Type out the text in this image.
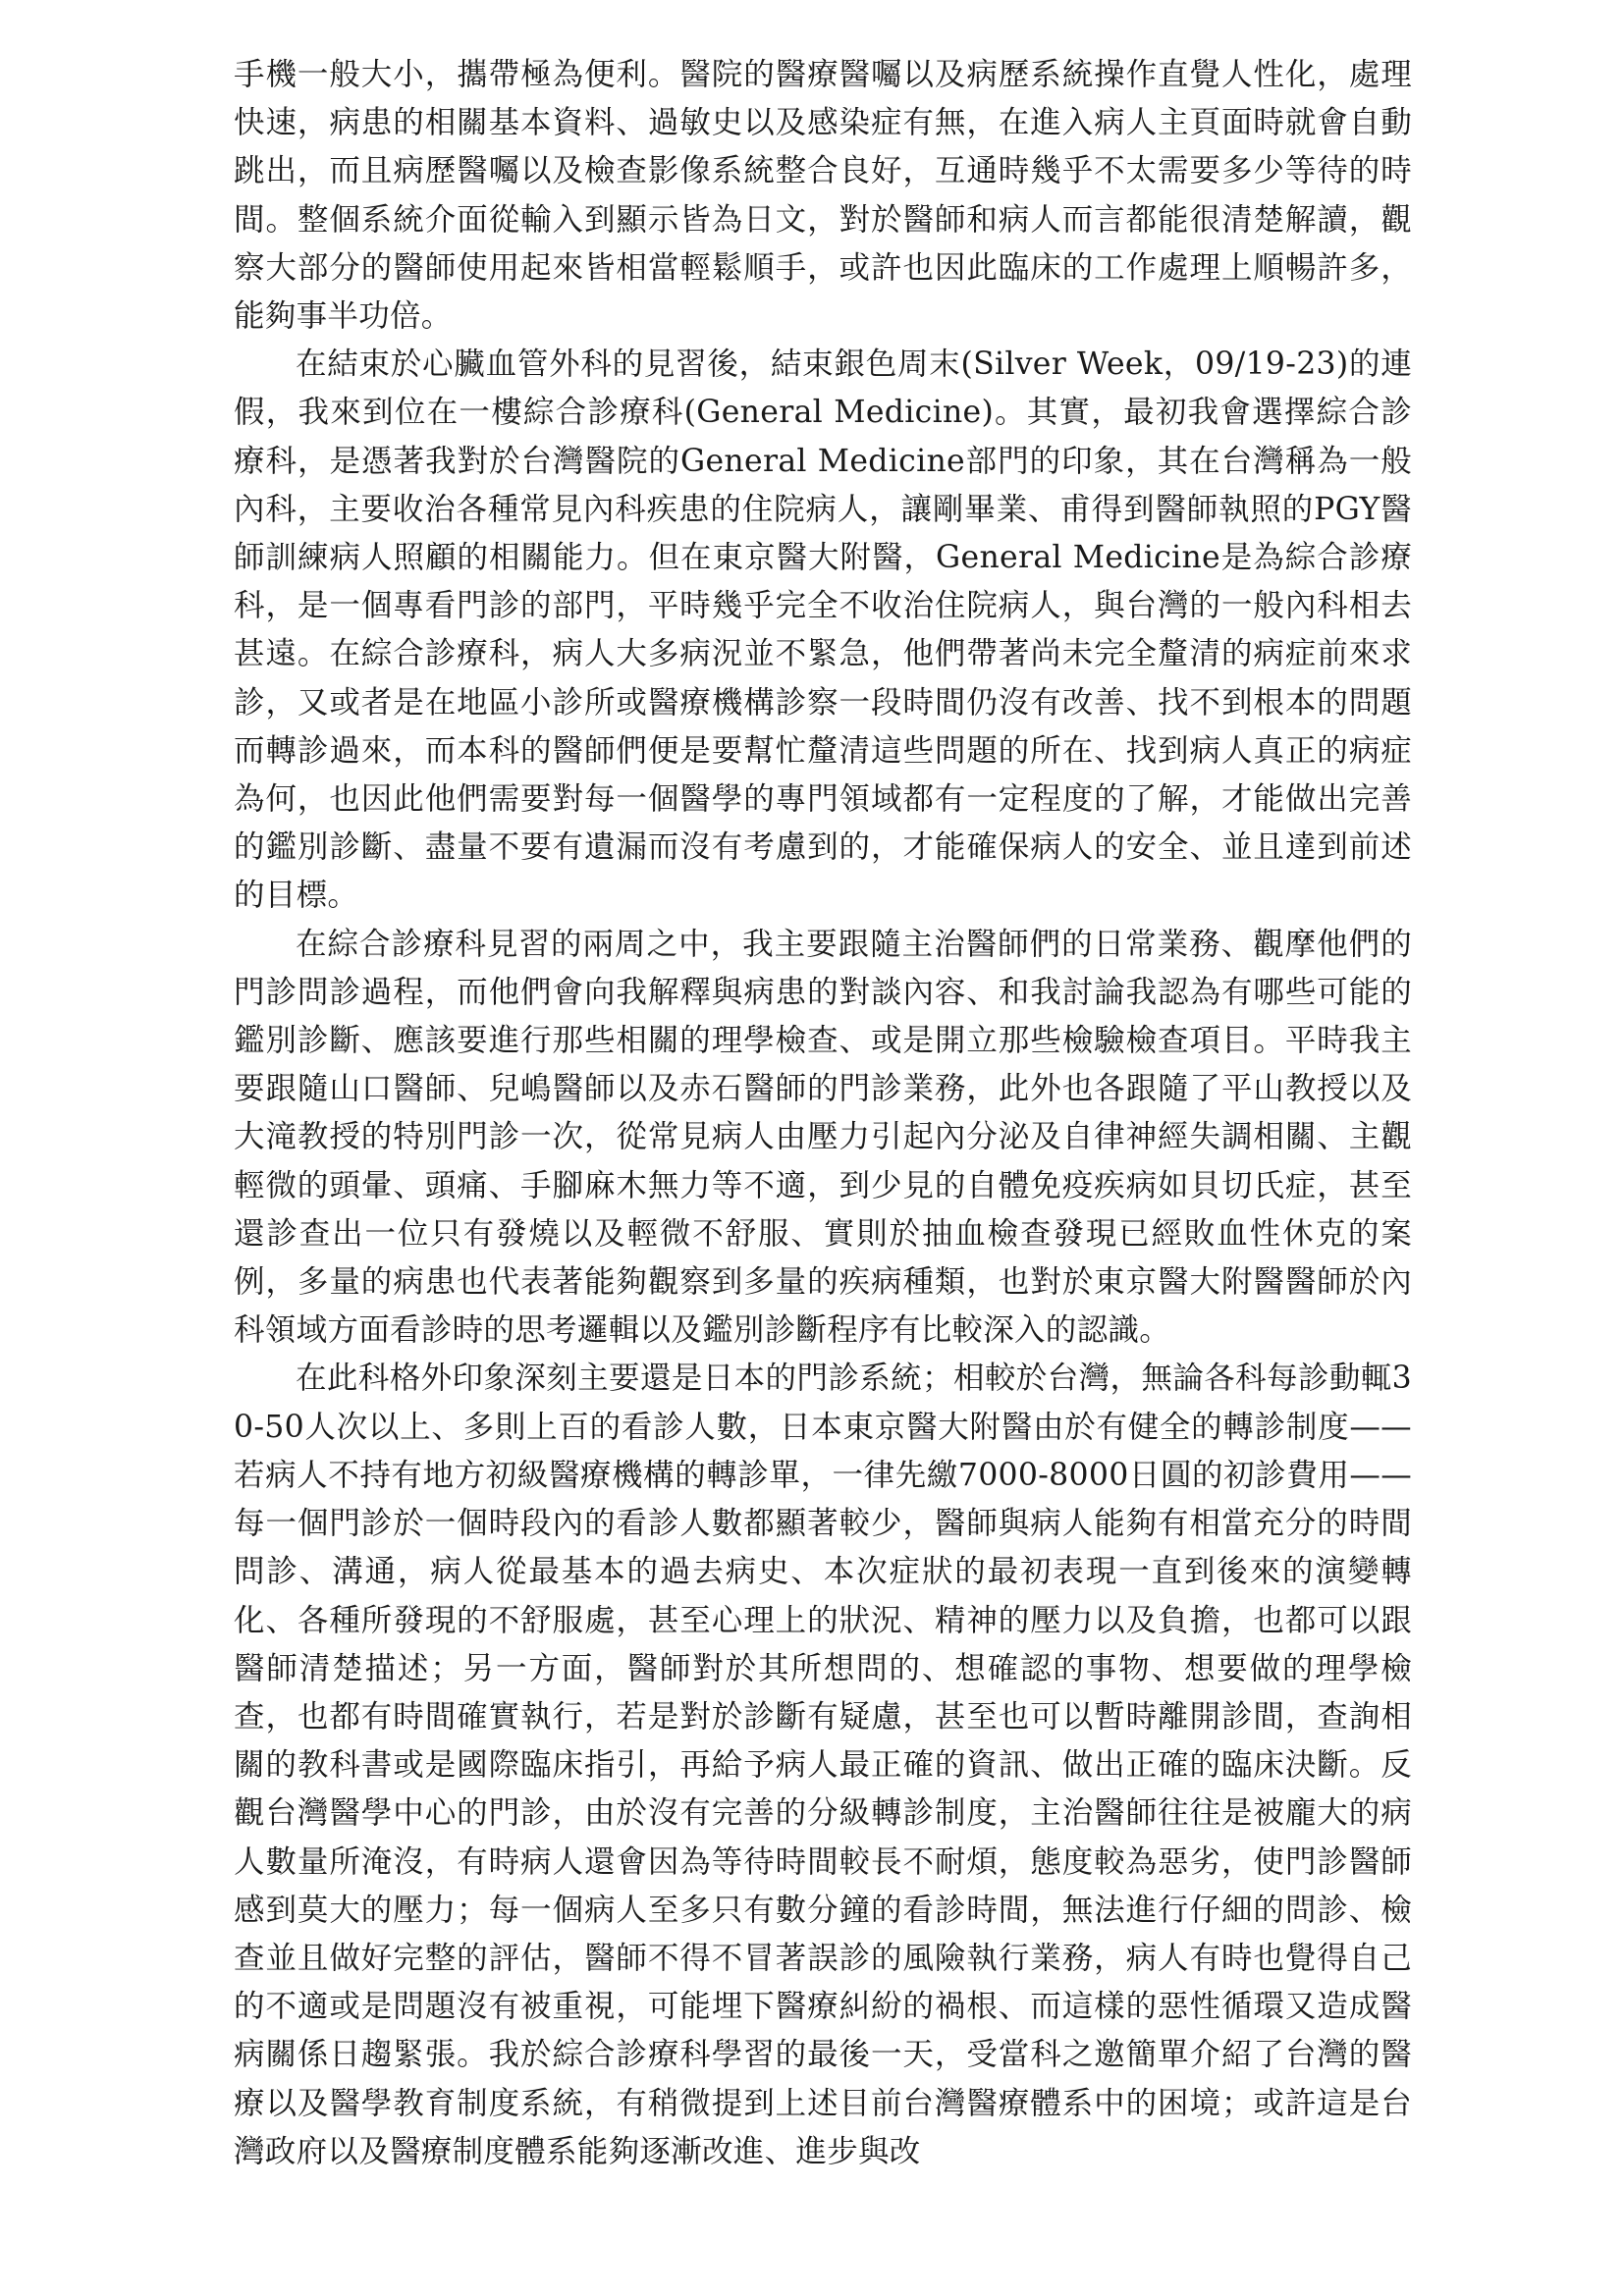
手機一般大小，攜帶極為便利。醫院的醫療醫囑以及病歷系統操作直覺人性化，處理快速，病患的相關基本資料、過敏史以及感染症有無，在進入病人主頁面時就會自動跳出，而且病歷醫囑以及檢查影像系統整合良好，互通時幾乎不太需要多少等待的時間。整個系統介面從輸入到顯示皆為日文，對於醫師和病人而言都能很清楚解讀，觀察大部分的醫師使用起來皆相當輕鬆順手，或許也因此臨床的工作處理上順暢許多，能夠事半功倍。

在結束於心臟血管外科的見習後，結束銀色周末(Silver Week，09/19-23)的連假，我來到位在一樓綜合診療科(General Medicine)。其實，最初我會選擇綜合診療科，是憑著我對於台灣醫院的General Medicine部門的印象，其在台灣稱為一般內科，主要收治各種常見內科疾患的住院病人，讓剛畢業、甫得到醫師執照的PGY醫師訓練病人照顧的相關能力。但在東京醫大附醫，General Medicine是為綜合診療科，是一個專看門診的部門，平時幾乎完全不收治住院病人，與台灣的一般內科相去甚遠。在綜合診療科，病人大多病況並不緊急，他們帶著尚未完全釐清的病症前來求診，又或者是在地區小診所或醫療機構診察一段時間仍沒有改善、找不到根本的問題而轉診過來，而本科的醫師們便是要幫忙釐清這些問題的所在、找到病人真正的病症為何，也因此他們需要對每一個醫學的專門領域都有一定程度的了解，才能做出完善的鑑別診斷、盡量不要有遺漏而沒有考慮到的，才能確保病人的安全、並且達到前述的目標。

在綜合診療科見習的兩周之中，我主要跟隨主治醫師們的日常業務、觀摩他們的門診問診過程，而他們會向我解釋與病患的對談內容、和我討論我認為有哪些可能的鑑別診斷、應該要進行那些相關的理學檢查、或是開立那些檢驗檢查項目。平時我主要跟隨山口醫師、兒嶋醫師以及赤石醫師的門診業務，此外也各跟隨了平山教授以及大滝教授的特別門診一次，從常見病人由壓力引起內分泌及自律神經失調相關、主觀輕微的頭暈、頭痛、手腳麻木無力等不適，到少見的自體免疫疾病如貝切氏症，甚至還診查出一位只有發燒以及輕微不舒服、實則於抽血檢查發現已經敗血性休克的案例，多量的病患也代表著能夠觀察到多量的疾病種類，也對於東京醫大附醫醫師於內科領域方面看診時的思考邏輯以及鑑別診斷程序有比較深入的認識。

在此科格外印象深刻主要還是日本的門診系統；相較於台灣，無論各科每診動輒30-50人次以上、多則上百的看診人數，日本東京醫大附醫由於有健全的轉診制度——若病人不持有地方初級醫療機構的轉診單，一律先繳7000-8000日圓的初診費用——每一個門診於一個時段內的看診人數都顯著較少，醫師與病人能夠有相當充分的時間問診、溝通，病人從最基本的過去病史、本次症狀的最初表現一直到後來的演變轉化、各種所發現的不舒服處，甚至心理上的狀況、精神的壓力以及負擔，也都可以跟醫師清楚描述；另一方面，醫師對於其所想問的、想確認的事物、想要做的理學檢查，也都有時間確實執行，若是對於診斷有疑慮，甚至也可以暫時離開診間，查詢相關的教科書或是國際臨床指引，再給予病人最正確的資訊、做出正確的臨床決斷。反觀台灣醫學中心的門診，由於沒有完善的分級轉診制度，主治醫師往往是被龐大的病人數量所淹沒，有時病人還會因為等待時間較長不耐煩，態度較為惡劣，使門診醫師感到莫大的壓力；每一個病人至多只有數分鐘的看診時間，無法進行仔細的問診、檢查並且做好完整的評估，醫師不得不冒著誤診的風險執行業務，病人有時也覺得自己的不適或是問題沒有被重視，可能埋下醫療糾紛的禍根、而這樣的惡性循環又造成醫病關係日趨緊張。我於綜合診療科學習的最後一天，受當科之邀簡單介紹了台灣的醫療以及醫學教育制度系統，有稍微提到上述目前台灣醫療體系中的困境；或許這是台灣政府以及醫療制度體系能夠逐漸改進、進步與改
